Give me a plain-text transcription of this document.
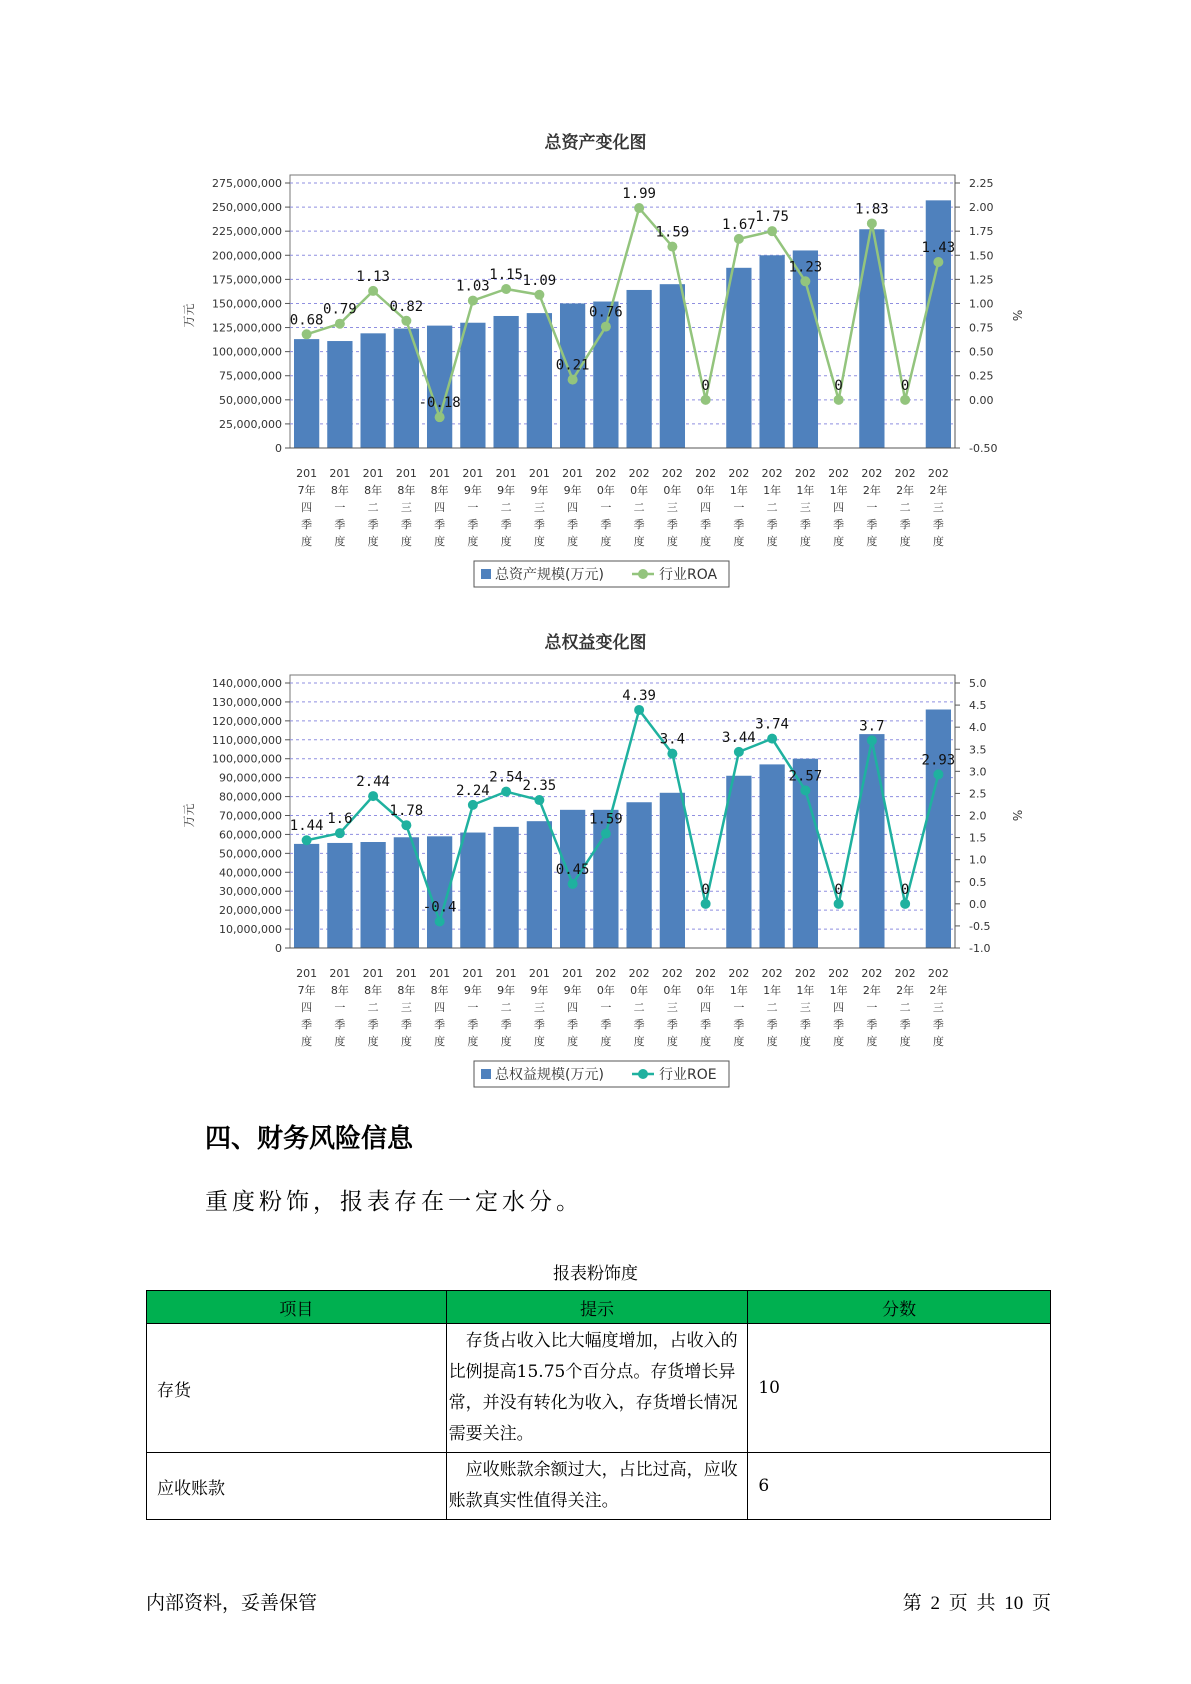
总资产变化图
0
25,000,000
50,000,000
75,000,000
100,000,000
125,000,000
150,000,000
175,000,000
200,000,000
225,000,000
250,000,000
275,000,000
-0.50
0.00
0.25
0.50
0.75
1.00
1.25
1.50
1.75
2.00
2.25
万元	%
201
7年
四
季
度
201
8年
一
季
度
201
8年
二
季
度
201
8年
三
季
度
201
8年
四
季
度
201
9年
一
季
度
201
9年
二
季
度
201
9年
三
季
度
201
9年
四
季
度
202
0年
一
季
度
202
0年
二
季
度
202
0年
三
季
度
202
0年
四
季
度
202
1年
一
季
度
202
1年
二
季
度
202
1年
三
季
度
202
1年
四
季
度
202
2年
一
季
度
202
2年
二
季
度
202
2年
三
季
度
0.68
0.79
1.13
0.82
-0.18
1.03
1.15 1.09
0.21
0.76
1.99
1.59
0
1.67 1.75
1.23
0
1.83
0
1.43
总资产规模(万元)	行业ROA
总权益变化图
0
10,000,000
20,000,000
30,000,000
40,000,000
50,000,000
60,000,000
70,000,000
80,000,000
90,000,000
100,000,000
110,000,000
120,000,000
130,000,000
140,000,000
-1.0
-0.5
0.0
0.5
1.0
1.5
2.0
2.5
3.0
3.5
4.0
4.5
5.0
万元	%
201
7年
四
季
度
201
8年
一
季
度
201
8年
二
季
度
201
8年
三
季
度
201
8年
四
季
度
201
9年
一
季
度
201
9年
二
季
度
201
9年
三
季
度
201
9年
四
季
度
202
0年
一
季
度
202
0年
二
季
度
202
0年
三
季
度
202
0年
四
季
度
202
1年
一
季
度
202
1年
二
季
度
202
1年
三
季
度
202
1年
四
季
度
202
2年
一
季
度
202
2年
二
季
度
202
2年
三
季
度
1.44 1.6
2.44
1.78
-0.4
2.24
2.54
2.35
0.45
1.59
4.39
3.4
0
3.44
3.74
2.57
0
3.7
0
2.93
总权益规模(万元)	行业ROE
四、财务风险信息

重度粉饰，报表存在一定水分。

报表粉饰度
项目	提示	分数
存货	　存货占收入比大幅度增加，占收入的比例提高15.75个百分点。存货增长异常，并没有转化为收入，存货增长情况需要关注。	10
应收账款	　应收账款余额过大，占比过高，应收账款真实性值得关注。	6
内部资料，妥善保管	第 2 页 共 10 页
